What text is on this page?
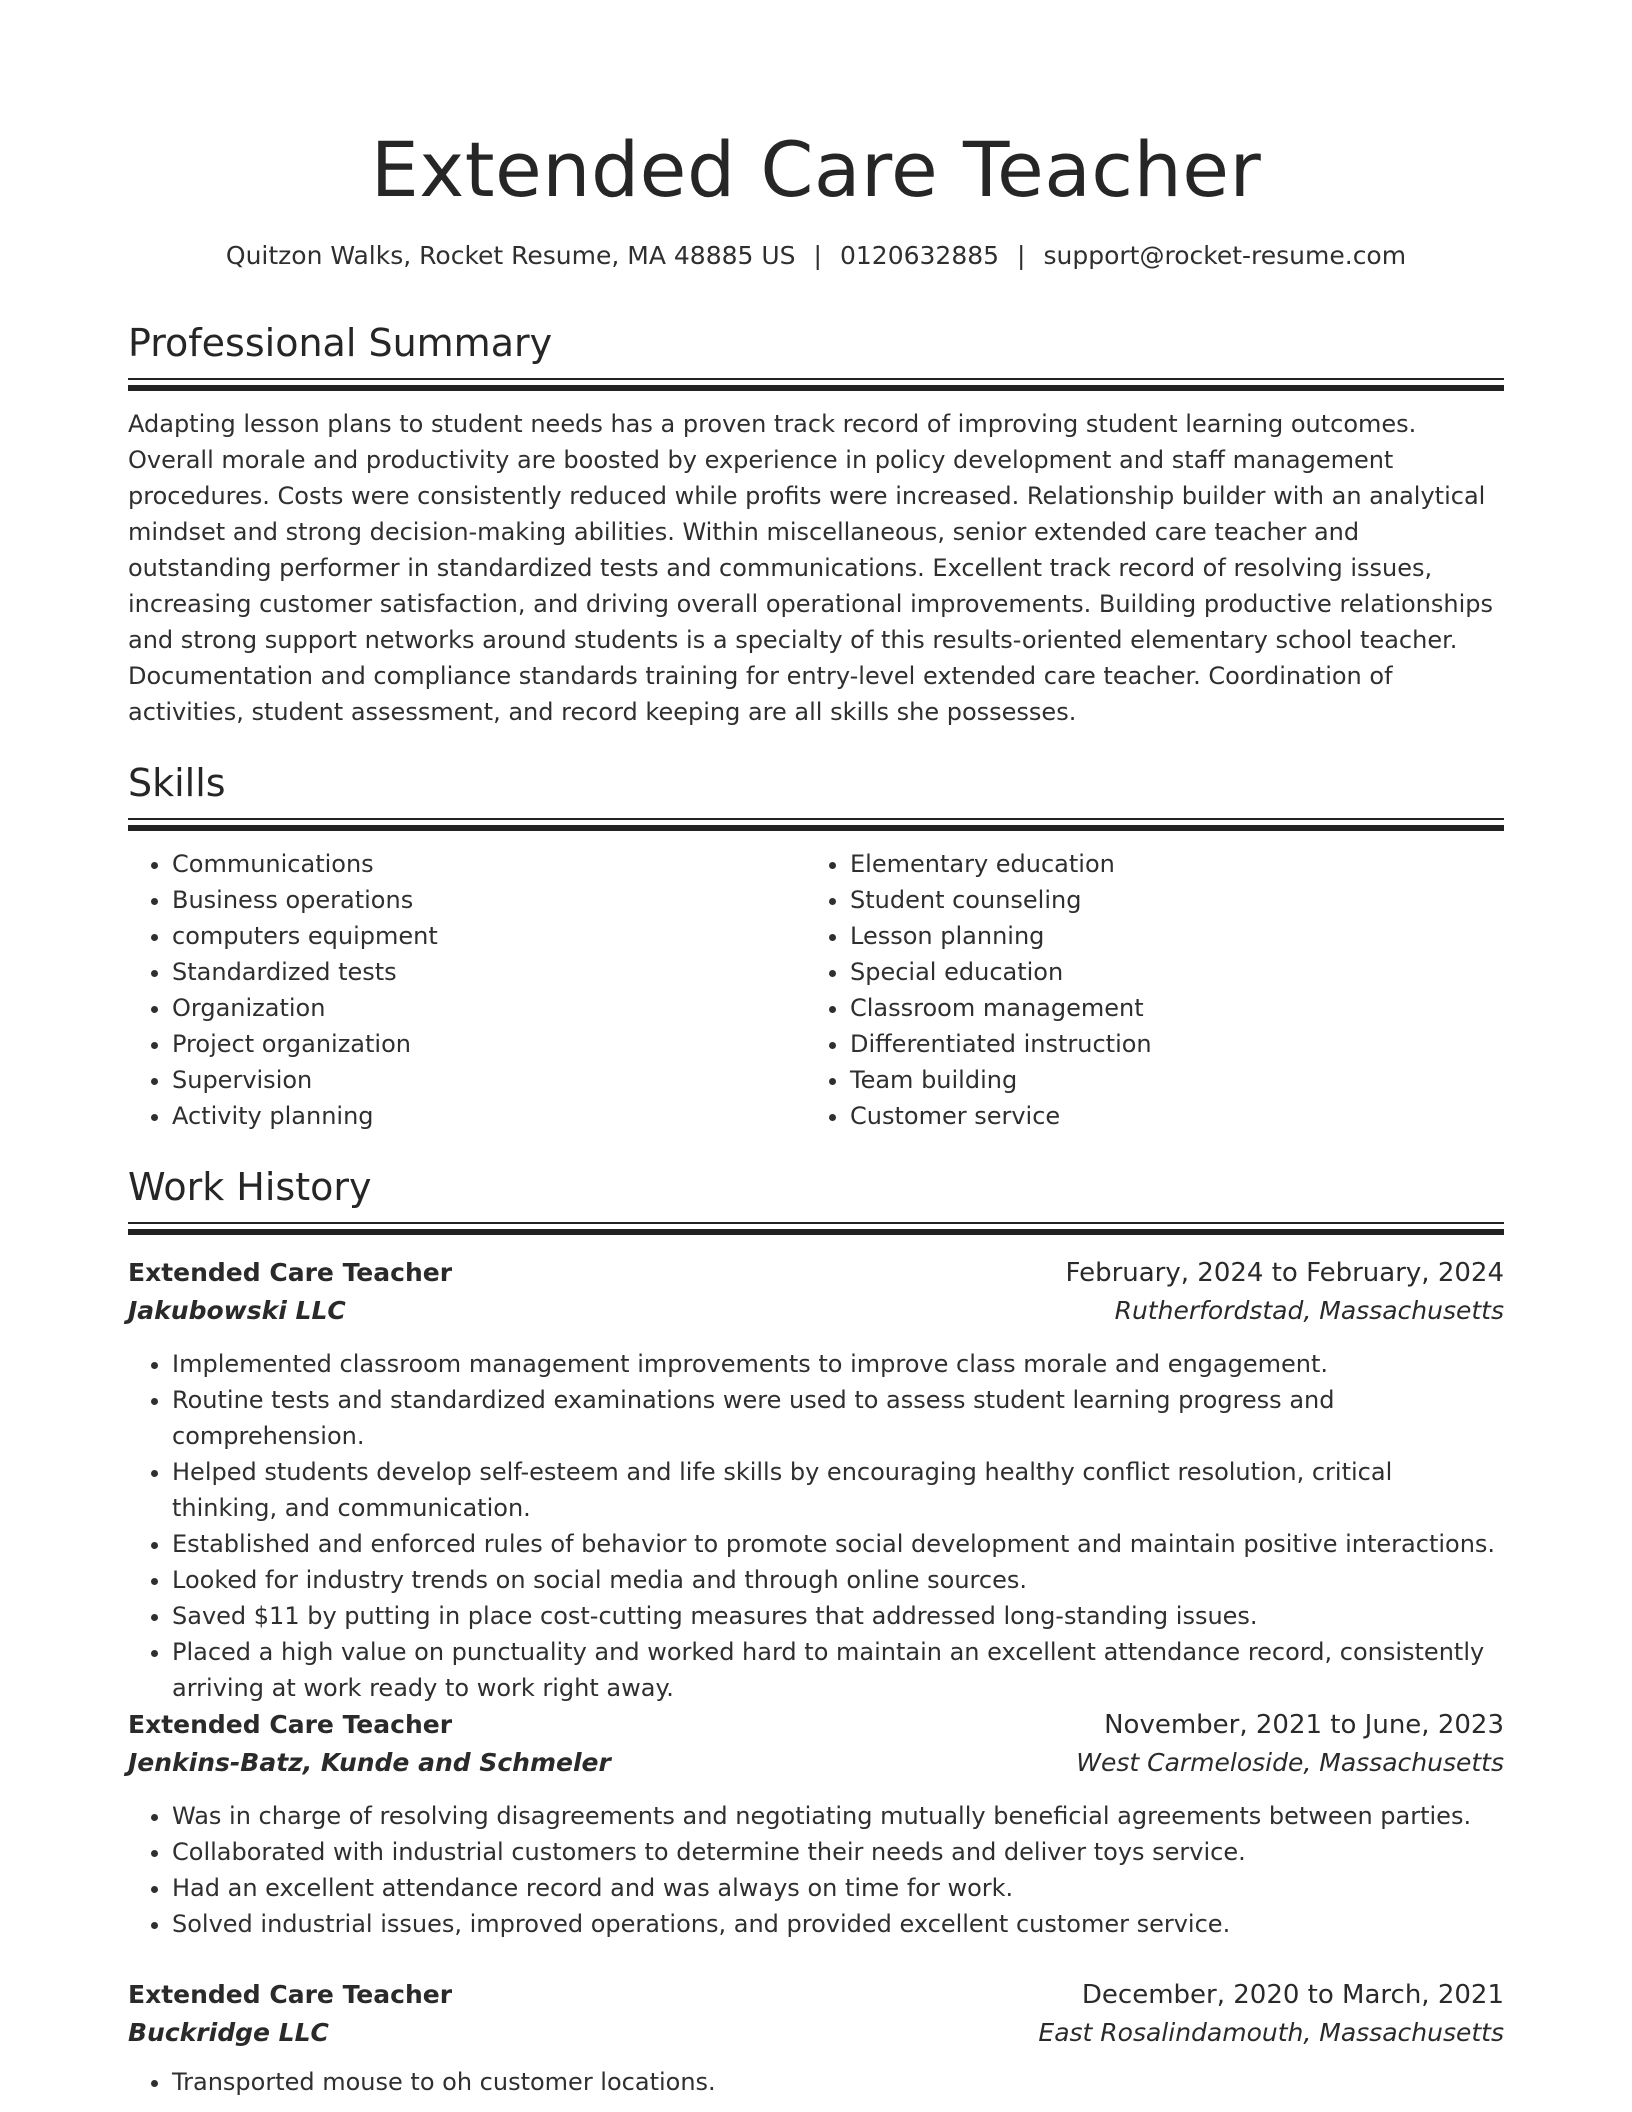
Extended Care Teacher
Quitzon Walks, Rocket Resume, MA 48885 US | 0120632885 | support@rocket-resume.com
Professional Summary

Adapting lesson plans to student needs has a proven track record of improving student learning outcomes. Overall morale and productivity are boosted by experience in policy development and staff management procedures. Costs were consistently reduced while profits were increased. Relationship builder with an analytical mindset and strong decision-making abilities. Within miscellaneous, senior extended care teacher and outstanding performer in standardized tests and communications. Excellent track record of resolving issues, increasing customer satisfaction, and driving overall operational improvements. Building productive relationships and strong support networks around students is a specialty of this results-oriented elementary school teacher. Documentation and compliance standards training for entry-level extended care teacher. Coordination of activities, student assessment, and record keeping are all skills she possesses.

Skills
• Communications
• Business operations
• computers equipment
• Standardized tests
• Organization
• Project organization
• Supervision
• Activity planning
• Elementary education
• Student counseling
• Lesson planning
• Special education
• Classroom management
• Differentiated instruction
• Team building
• Customer service
Work History
Extended Care Teacher	February, 2024 to February, 2024
Jakubowski LLC	Rutherfordstad, Massachusetts
• Implemented classroom management improvements to improve class morale and engagement.
• Routine tests and standardized examinations were used to assess student learning progress and comprehension.
• Helped students develop self-esteem and life skills by encouraging healthy conflict resolution, critical thinking, and communication.
• Established and enforced rules of behavior to promote social development and maintain positive interactions.
• Looked for industry trends on social media and through online sources.
• Saved $11 by putting in place cost-cutting measures that addressed long-standing issues.
• Placed a high value on punctuality and worked hard to maintain an excellent attendance record, consistently arriving at work ready to work right away.
Extended Care Teacher	November, 2021 to June, 2023
Jenkins-Batz, Kunde and Schmeler	West Carmeloside, Massachusetts
• Was in charge of resolving disagreements and negotiating mutually beneficial agreements between parties.
• Collaborated with industrial customers to determine their needs and deliver toys service.
• Had an excellent attendance record and was always on time for work.
• Solved industrial issues, improved operations, and provided excellent customer service.
Extended Care Teacher	December, 2020 to March, 2021
Buckridge LLC	East Rosalindamouth, Massachusetts
• Transported mouse to oh customer locations.
